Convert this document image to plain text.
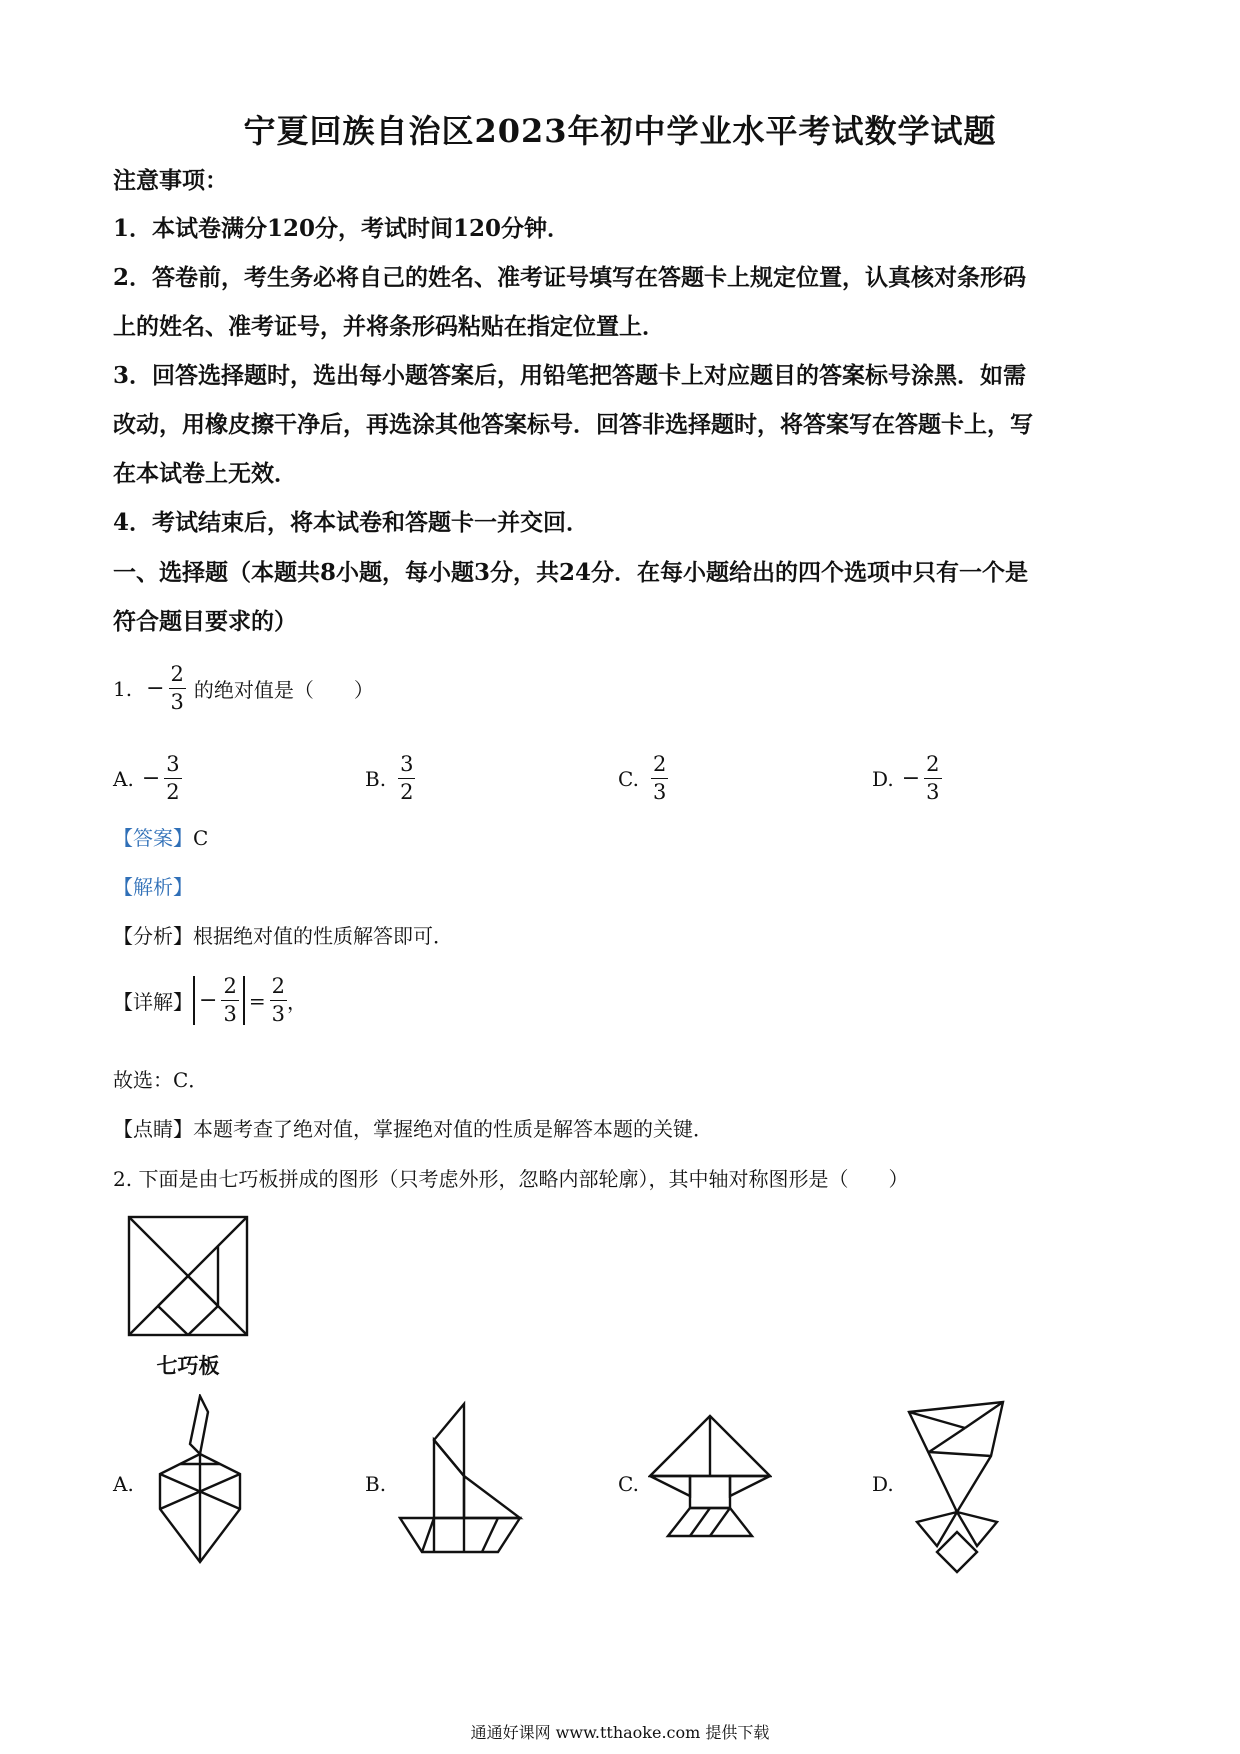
宁夏回族自治区2023年初中学业水平考试数学试题
注意事项：
1．本试卷满分120分，考试时间120分钟．
2．答卷前，考生务必将自己的姓名、准考证号填写在答题卡上规定位置，认真核对条形码
上的姓名、准考证号，并将条形码粘贴在指定位置上．
3．回答选择题时，选出每小题答案后，用铅笔把答题卡上对应题目的答案标号涂黑．如需
改动，用橡皮擦干净后，再选涂其他答案标号．回答非选择题时，将答案写在答题卡上，写
在本试卷上无效．
4．考试结束后，将本试卷和答题卡一并交回．
一、选择题（本题共8小题，每小题3分，共24分．在每小题给出的四个选项中只有一个是
符合题目要求的）
1. − $\frac{2}{3}$ 的绝对值是（　　）
A. − $\frac{3}{2}$	B. $\frac{3}{2}$	C. $\frac{2}{3}$	D. − $\frac{2}{3}$
【答案】C
【解析】
【分析】根据绝对值的性质解答即可．
【详解】 − $\frac{2}{3} = \frac{2}{3}$ ，
故选：C．
【点睛】本题考查了绝对值，掌握绝对值的性质是解答本题的关键．
2. 下面是由七巧板拼成的图形（只考虑外形，忽略内部轮廓），其中轴对称图形是（　　）
七巧板
A.	B.	C.	D.
通通好课网 www.tthaoke.com 提供下载
